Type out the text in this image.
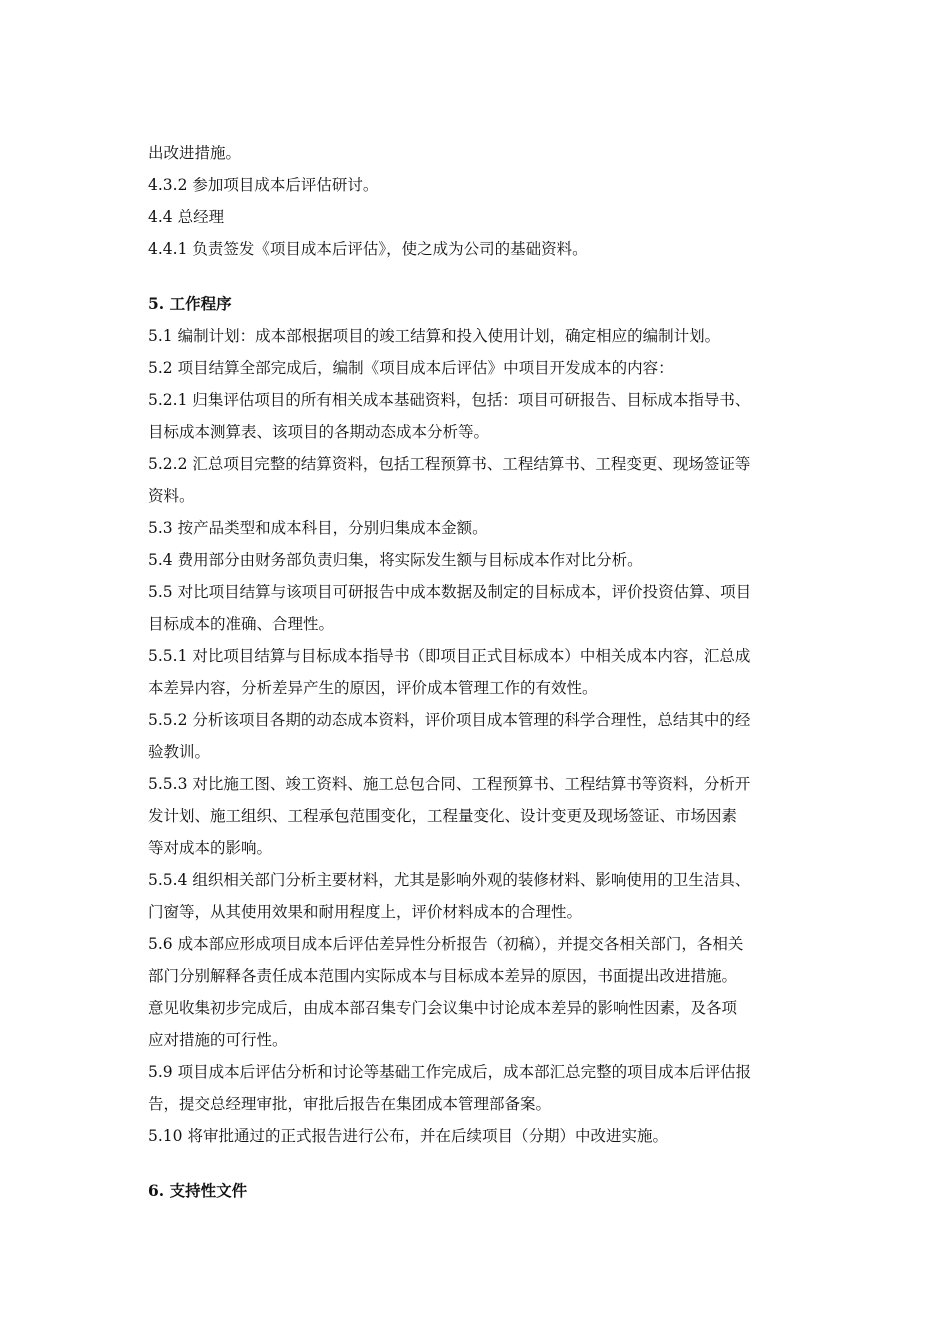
出改进措施。
4.3.2 参加项目成本后评估研讨。
4.4 总经理
4.4.1 负责签发《项目成本后评估》，使之成为公司的基础资料。
5. 工作程序
5.1 编制计划：成本部根据项目的竣工结算和投入使用计划，确定相应的编制计划。
5.2 项目结算全部完成后，编制《项目成本后评估》中项目开发成本的内容：
5.2.1 归集评估项目的所有相关成本基础资料，包括：项目可研报告、目标成本指导书、
目标成本测算表、该项目的各期动态成本分析等。
5.2.2 汇总项目完整的结算资料，包括工程预算书、工程结算书、工程变更、现场签证等
资料。
5.3 按产品类型和成本科目，分别归集成本金额。
5.4 费用部分由财务部负责归集，将实际发生额与目标成本作对比分析。
5.5 对比项目结算与该项目可研报告中成本数据及制定的目标成本，评价投资估算、项目
目标成本的准确、合理性。
5.5.1 对比项目结算与目标成本指导书（即项目正式目标成本）中相关成本内容，汇总成
本差异内容，分析差异产生的原因，评价成本管理工作的有效性。
5.5.2 分析该项目各期的动态成本资料，评价项目成本管理的科学合理性，总结其中的经
验教训。
5.5.3 对比施工图、竣工资料、施工总包合同、工程预算书、工程结算书等资料，分析开
发计划、施工组织、工程承包范围变化，工程量变化、设计变更及现场签证、市场因素
等对成本的影响。
5.5.4 组织相关部门分析主要材料，尤其是影响外观的装修材料、影响使用的卫生洁具、
门窗等，从其使用效果和耐用程度上，评价材料成本的合理性。
5.6 成本部应形成项目成本后评估差异性分析报告（初稿），并提交各相关部门，各相关
部门分别解释各责任成本范围内实际成本与目标成本差异的原因，书面提出改进措施。
意见收集初步完成后，由成本部召集专门会议集中讨论成本差异的影响性因素，及各项
应对措施的可行性。
5.9 项目成本后评估分析和讨论等基础工作完成后，成本部汇总完整的项目成本后评估报
告，提交总经理审批，审批后报告在集团成本管理部备案。
5.10 将审批通过的正式报告进行公布，并在后续项目（分期）中改进实施。
6. 支持性文件
